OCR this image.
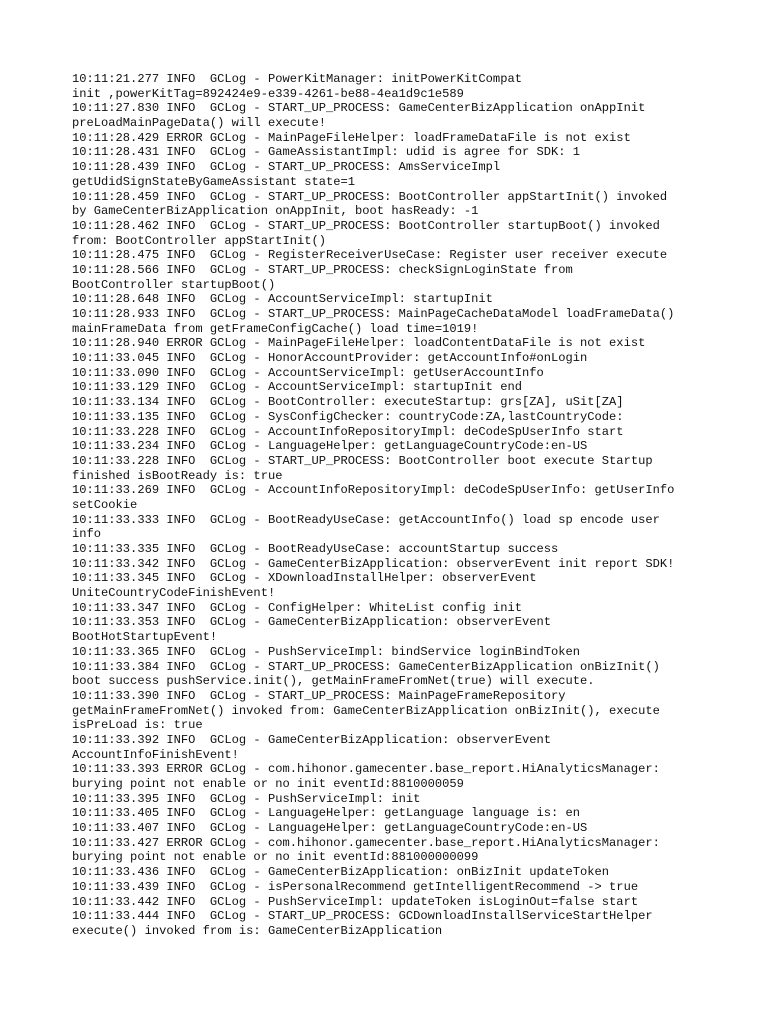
10:11:21.277 INFO  GCLog - PowerKitManager: initPowerKitCompat
init ,powerKitTag=892424e9-e339-4261-be88-4ea1d9c1e589
10:11:27.830 INFO  GCLog - START_UP_PROCESS: GameCenterBizApplication onAppInit
preLoadMainPageData() will execute!
10:11:28.429 ERROR GCLog - MainPageFileHelper: loadFrameDataFile is not exist
10:11:28.431 INFO  GCLog - GameAssistantImpl: udid is agree for SDK: 1
10:11:28.439 INFO  GCLog - START_UP_PROCESS: AmsServiceImpl
getUdidSignStateByGameAssistant state=1
10:11:28.459 INFO  GCLog - START_UP_PROCESS: BootController appStartInit() invoked
by GameCenterBizApplication onAppInit, boot hasReady: -1
10:11:28.462 INFO  GCLog - START_UP_PROCESS: BootController startupBoot() invoked
from: BootController appStartInit()
10:11:28.475 INFO  GCLog - RegisterReceiverUseCase: Register user receiver execute
10:11:28.566 INFO  GCLog - START_UP_PROCESS: checkSignLoginState from
BootController startupBoot()
10:11:28.648 INFO  GCLog - AccountServiceImpl: startupInit
10:11:28.933 INFO  GCLog - START_UP_PROCESS: MainPageCacheDataModel loadFrameData()
mainFrameData from getFrameConfigCache() load time=1019!
10:11:28.940 ERROR GCLog - MainPageFileHelper: loadContentDataFile is not exist
10:11:33.045 INFO  GCLog - HonorAccountProvider: getAccountInfo#onLogin
10:11:33.090 INFO  GCLog - AccountServiceImpl: getUserAccountInfo
10:11:33.129 INFO  GCLog - AccountServiceImpl: startupInit end
10:11:33.134 INFO  GCLog - BootController: executeStartup: grs[ZA], uSit[ZA]
10:11:33.135 INFO  GCLog - SysConfigChecker: countryCode:ZA,lastCountryCode:
10:11:33.228 INFO  GCLog - AccountInfoRepositoryImpl: deCodeSpUserInfo start
10:11:33.234 INFO  GCLog - LanguageHelper: getLanguageCountryCode:en-US
10:11:33.228 INFO  GCLog - START_UP_PROCESS: BootController boot execute Startup
finished isBootReady is: true
10:11:33.269 INFO  GCLog - AccountInfoRepositoryImpl: deCodeSpUserInfo: getUserInfo
setCookie
10:11:33.333 INFO  GCLog - BootReadyUseCase: getAccountInfo() load sp encode user
info
10:11:33.335 INFO  GCLog - BootReadyUseCase: accountStartup success
10:11:33.342 INFO  GCLog - GameCenterBizApplication: observerEvent init report SDK!
10:11:33.345 INFO  GCLog - XDownloadInstallHelper: observerEvent
UniteCountryCodeFinishEvent!
10:11:33.347 INFO  GCLog - ConfigHelper: WhiteList config init
10:11:33.353 INFO  GCLog - GameCenterBizApplication: observerEvent
BootHotStartupEvent!
10:11:33.365 INFO  GCLog - PushServiceImpl: bindService loginBindToken
10:11:33.384 INFO  GCLog - START_UP_PROCESS: GameCenterBizApplication onBizInit()
boot success pushService.init(), getMainFrameFromNet(true) will execute.
10:11:33.390 INFO  GCLog - START_UP_PROCESS: MainPageFrameRepository
getMainFrameFromNet() invoked from: GameCenterBizApplication onBizInit(), execute
isPreLoad is: true
10:11:33.392 INFO  GCLog - GameCenterBizApplication: observerEvent
AccountInfoFinishEvent!
10:11:33.393 ERROR GCLog - com.hihonor.gamecenter.base_report.HiAnalyticsManager:
burying point not enable or no init eventId:8810000059
10:11:33.395 INFO  GCLog - PushServiceImpl: init
10:11:33.405 INFO  GCLog - LanguageHelper: getLanguage language is: en
10:11:33.407 INFO  GCLog - LanguageHelper: getLanguageCountryCode:en-US
10:11:33.427 ERROR GCLog - com.hihonor.gamecenter.base_report.HiAnalyticsManager:
burying point not enable or no init eventId:881000000099
10:11:33.436 INFO  GCLog - GameCenterBizApplication: onBizInit updateToken
10:11:33.439 INFO  GCLog - isPersonalRecommend getIntelligentRecommend -> true
10:11:33.442 INFO  GCLog - PushServiceImpl: updateToken isLoginOut=false start
10:11:33.444 INFO  GCLog - START_UP_PROCESS: GCDownloadInstallServiceStartHelper
execute() invoked from is: GameCenterBizApplication
